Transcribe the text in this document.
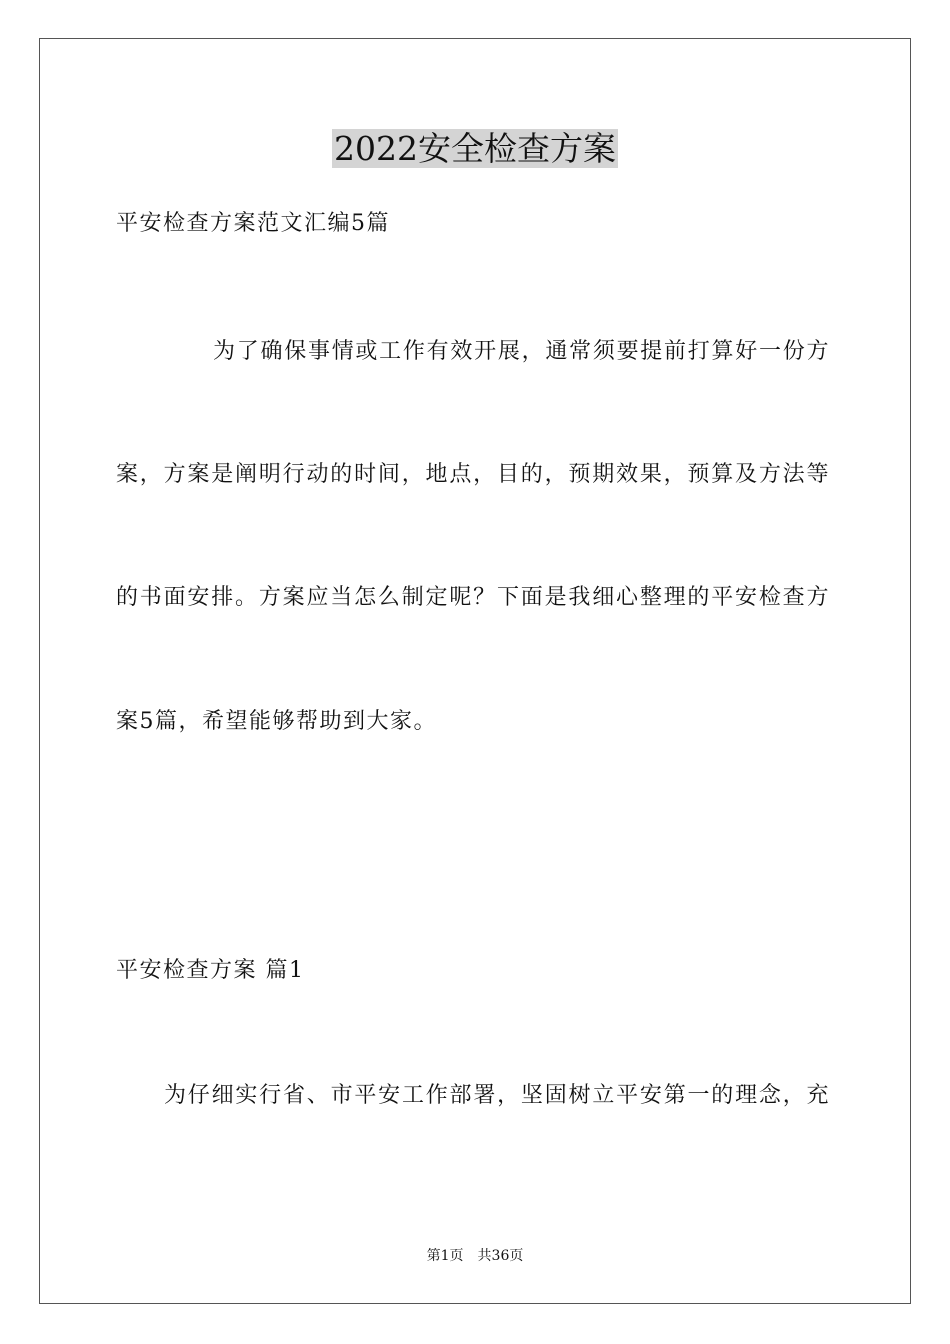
2022安全检查方案
平安检查方案范文汇编5篇
为了确保事情或工作有效开展，通常须要提前打算好一份方
案，方案是阐明行动的时间，地点，目的，预期效果，预算及方法等
的书面安排。方案应当怎么制定呢？下面是我细心整理的平安检查方
案5篇，希望能够帮助到大家。
平安检查方案 篇1
为仔细实行省、市平安工作部署，坚固树立平安第一的理念，充
第1页　共36页
